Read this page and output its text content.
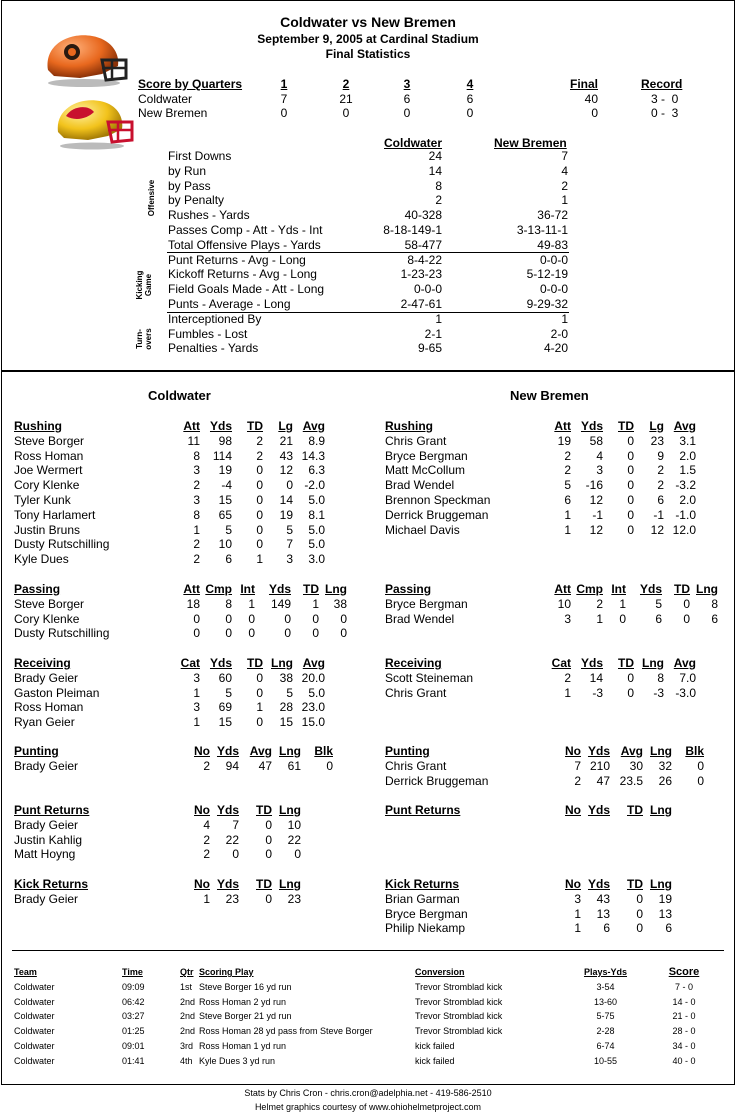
Coldwater vs New Bremen
September 9, 2005 at Cardinal Stadium
Final Statistics
Score by Quarters	1	2	3	4	Final	Record
Coldwater	7	21	6	6	40	3 -  0
New Bremen	0	0	0	0	0	0 -  3
Coldwater	New Bremen
Offensive
Kicking Game
Turn-overs
First Downs	24	7
by Run	14	4
by Pass	8	2
by Penalty	2	1
Rushes - Yards	40-328	36-72
Passes Comp - Att - Yds - Int	8-18-149-1	3-13-11-1
Total Offensive Plays - Yards	58-477	49-83
Punt Returns - Avg - Long	8-4-22	0-0-0
Kickoff Returns - Avg - Long	1-23-23	5-12-19
Field Goals Made - Att - Long	0-0-0	0-0-0
Punts - Average - Long	2-47-61	9-29-32
Interceptioned By	1	1
Fumbles - Lost	2-1	2-0
Penalties - Yards	9-65	4-20
Coldwater	New Bremen
Rushing	Att	Yds	TD	Lg	Avg
Steve Borger	11	98	2	21	8.9
Ross Homan	8	114	2	43	14.3
Joe Wermert	3	19	0	12	6.3
Cory Klenke	2	-4	0	0	-2.0
Tyler Kunk	3	15	0	14	5.0
Tony Harlamert	8	65	0	19	8.1
Justin Bruns	1	5	0	5	5.0
Dusty Rutschilling	2	10	0	7	5.0
Kyle Dues	2	6	1	3	3.0
Passing	Att	Cmp	Int	Yds	TD	Lng
Steve Borger	18	8	1	149	1	38
Cory Klenke	0	0	0	0	0	0
Dusty Rutschilling	0	0	0	0	0	0
Receiving	Cat	Yds	TD	Lng	Avg
Brady Geier	3	60	0	38	20.0
Gaston Pleiman	1	5	0	5	5.0
Ross Homan	3	69	1	28	23.0
Ryan Geier	1	15	0	15	15.0
Punting	No	Yds	Avg	Lng	Blk
Brady Geier	2	94	47	61	0
Punt Returns	No	Yds	TD	Lng
Brady Geier	4	7	0	10
Justin Kahlig	2	22	0	22
Matt Hoyng	2	0	0	0
Kick Returns	No	Yds	TD	Lng
Brady Geier	1	23	0	23
Rushing	Att	Yds	TD	Lg	Avg
Chris Grant	19	58	0	23	3.1
Bryce Bergman	2	4	0	9	2.0
Matt McCollum	2	3	0	2	1.5
Brad Wendel	5	-16	0	2	-3.2
Brennon Speckman	6	12	0	6	2.0
Derrick Bruggeman	1	-1	0	-1	-1.0
Michael Davis	1	12	0	12	12.0
Passing	Att	Cmp	Int	Yds	TD	Lng
Bryce Bergman	10	2	1	5	0	8
Brad Wendel	3	1	0	6	0	6
Receiving	Cat	Yds	TD	Lng	Avg
Scott Steineman	2	14	0	8	7.0
Chris Grant	1	-3	0	-3	-3.0
Punting	No	Yds	Avg	Lng	Blk
Chris Grant	7	210	30	32	0
Derrick Bruggeman	2	47	23.5	26	0
Punt Returns	No	Yds	TD	Lng
Kick Returns	No	Yds	TD	Lng
Brian Garman	3	43	0	19
Bryce Bergman	1	13	0	13
Philip Niekamp	1	6	0	6
Team	Time	Qtr	Scoring Play	Conversion	Plays-Yds	Score
Coldwater	09:09	1st	Steve Borger 16 yd run	Trevor Stromblad kick	3-54	7 - 0
Coldwater	06:42	2nd	Ross Homan 2 yd run	Trevor Stromblad kick	13-60	14 - 0
Coldwater	03:27	2nd	Steve Borger 21 yd run	Trevor Stromblad kick	5-75	21 - 0
Coldwater	01:25	2nd	Ross Homan 28 yd pass from Steve Borger	Trevor Stromblad kick	2-28	28 - 0
Coldwater	09:01	3rd	Ross Homan 1 yd run	kick failed	6-74	34 - 0
Coldwater	01:41	4th	Kyle Dues 3 yd run	kick failed	10-55	40 - 0
Stats by Chris Cron - chris.cron@adelphia.net - 419-586-2510
Helmet graphics courtesy of www.ohiohelmetproject.com
